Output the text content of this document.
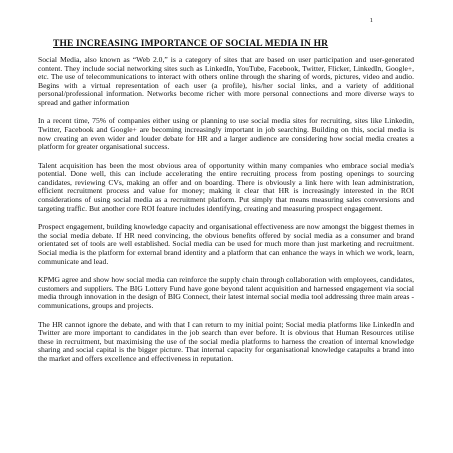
1
THE INCREASING IMPORTANCE OF SOCIAL MEDIA IN HR

Social Media, also known as “Web 2.0,” is a category of sites that are based on user participation and user-generated content. They include social networking sites such as LinkedIn, YouTube, Facebook, Twitter, Flicker, LinkedIn, Google+, etc. The use of telecommunications to interact with others online through the sharing of words, pictures, video and audio. Begins with a virtual representation of each user (a profile), his/her social links, and a variety of additional personal/professional information. Networks become richer with more personal connections and more diverse ways to spread and gather information

In a recent time, 75% of companies either using or planning to use social media sites for recruiting, sites like Linkedin, Twitter, Facebook and Google+ are becoming increasingly important in job searching. Building on this, social media is now creating an even wider and louder debate for HR and a larger audience are considering how social media creates a platform for greater organisational success.

Talent acquisition has been the most obvious area of opportunity within many companies who embrace social media's potential. Done well, this can include accelerating the entire recruiting process from posting openings to sourcing candidates, reviewing CVs, making an offer and on boarding. There is obviously a link here with lean administration, efficient recruitment process and value for money; making it clear that HR is increasingly interested in the ROI considerations of using social media as a recruitment platform. Put simply that means measuring sales conversions and targeting traffic. But another core ROI feature includes identifying, creating and measuring prospect engagement.

Prospect engagement, building knowledge capacity and organisational effectiveness are now amongst the biggest themes in the social media debate. If HR need convincing, the obvious benefits offered by social media as a consumer and brand orientated set of tools are well established. Social media can be used for much more than just marketing and recruitment. Social media is the platform for external brand identity and a platform that can enhance the ways in which we work, learn, communicate and lead.

KPMG agree and show how social media can reinforce the supply chain through collaboration with employees, candidates, customers and suppliers. The BIG Lottery Fund have gone beyond talent acquisition and harnessed engagement via social media through innovation in the design of BIG Connect, their latest internal social media tool addressing three main areas - communications, groups and projects.

The HR cannot ignore the debate, and with that I can return to my initial point; Social media platforms like LinkedIn and Twitter are more important to candidates in the job search than ever before. It is obvious that Human Resources utilise these in recruitment, but maximising the use of the social media platforms to harness the creation of internal knowledge sharing and social capital is the bigger picture. That internal capacity for organisational knowledge catapults a brand into the market and offers excellence and effectiveness in reputation.
